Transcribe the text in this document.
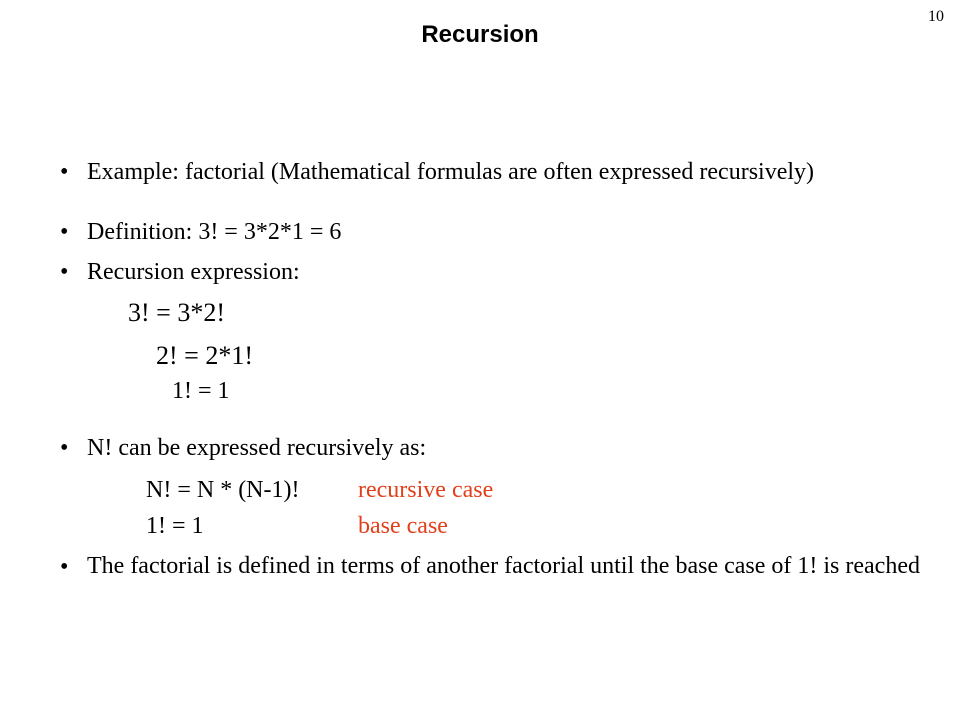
Recursion
10
• Example: factorial (Mathematical formulas are often expressed recursively)
• Definition: 3! = 3*2*1 = 6
• Recursion expression:
3! = 3*2!
2! = 2*1!
1! = 1
• N! can be expressed recursively as:
N! = N * (N-1)! recursive case
1! = 1	base case
• The factorial is defined in terms of another factorial until the base case of 1! is reached
